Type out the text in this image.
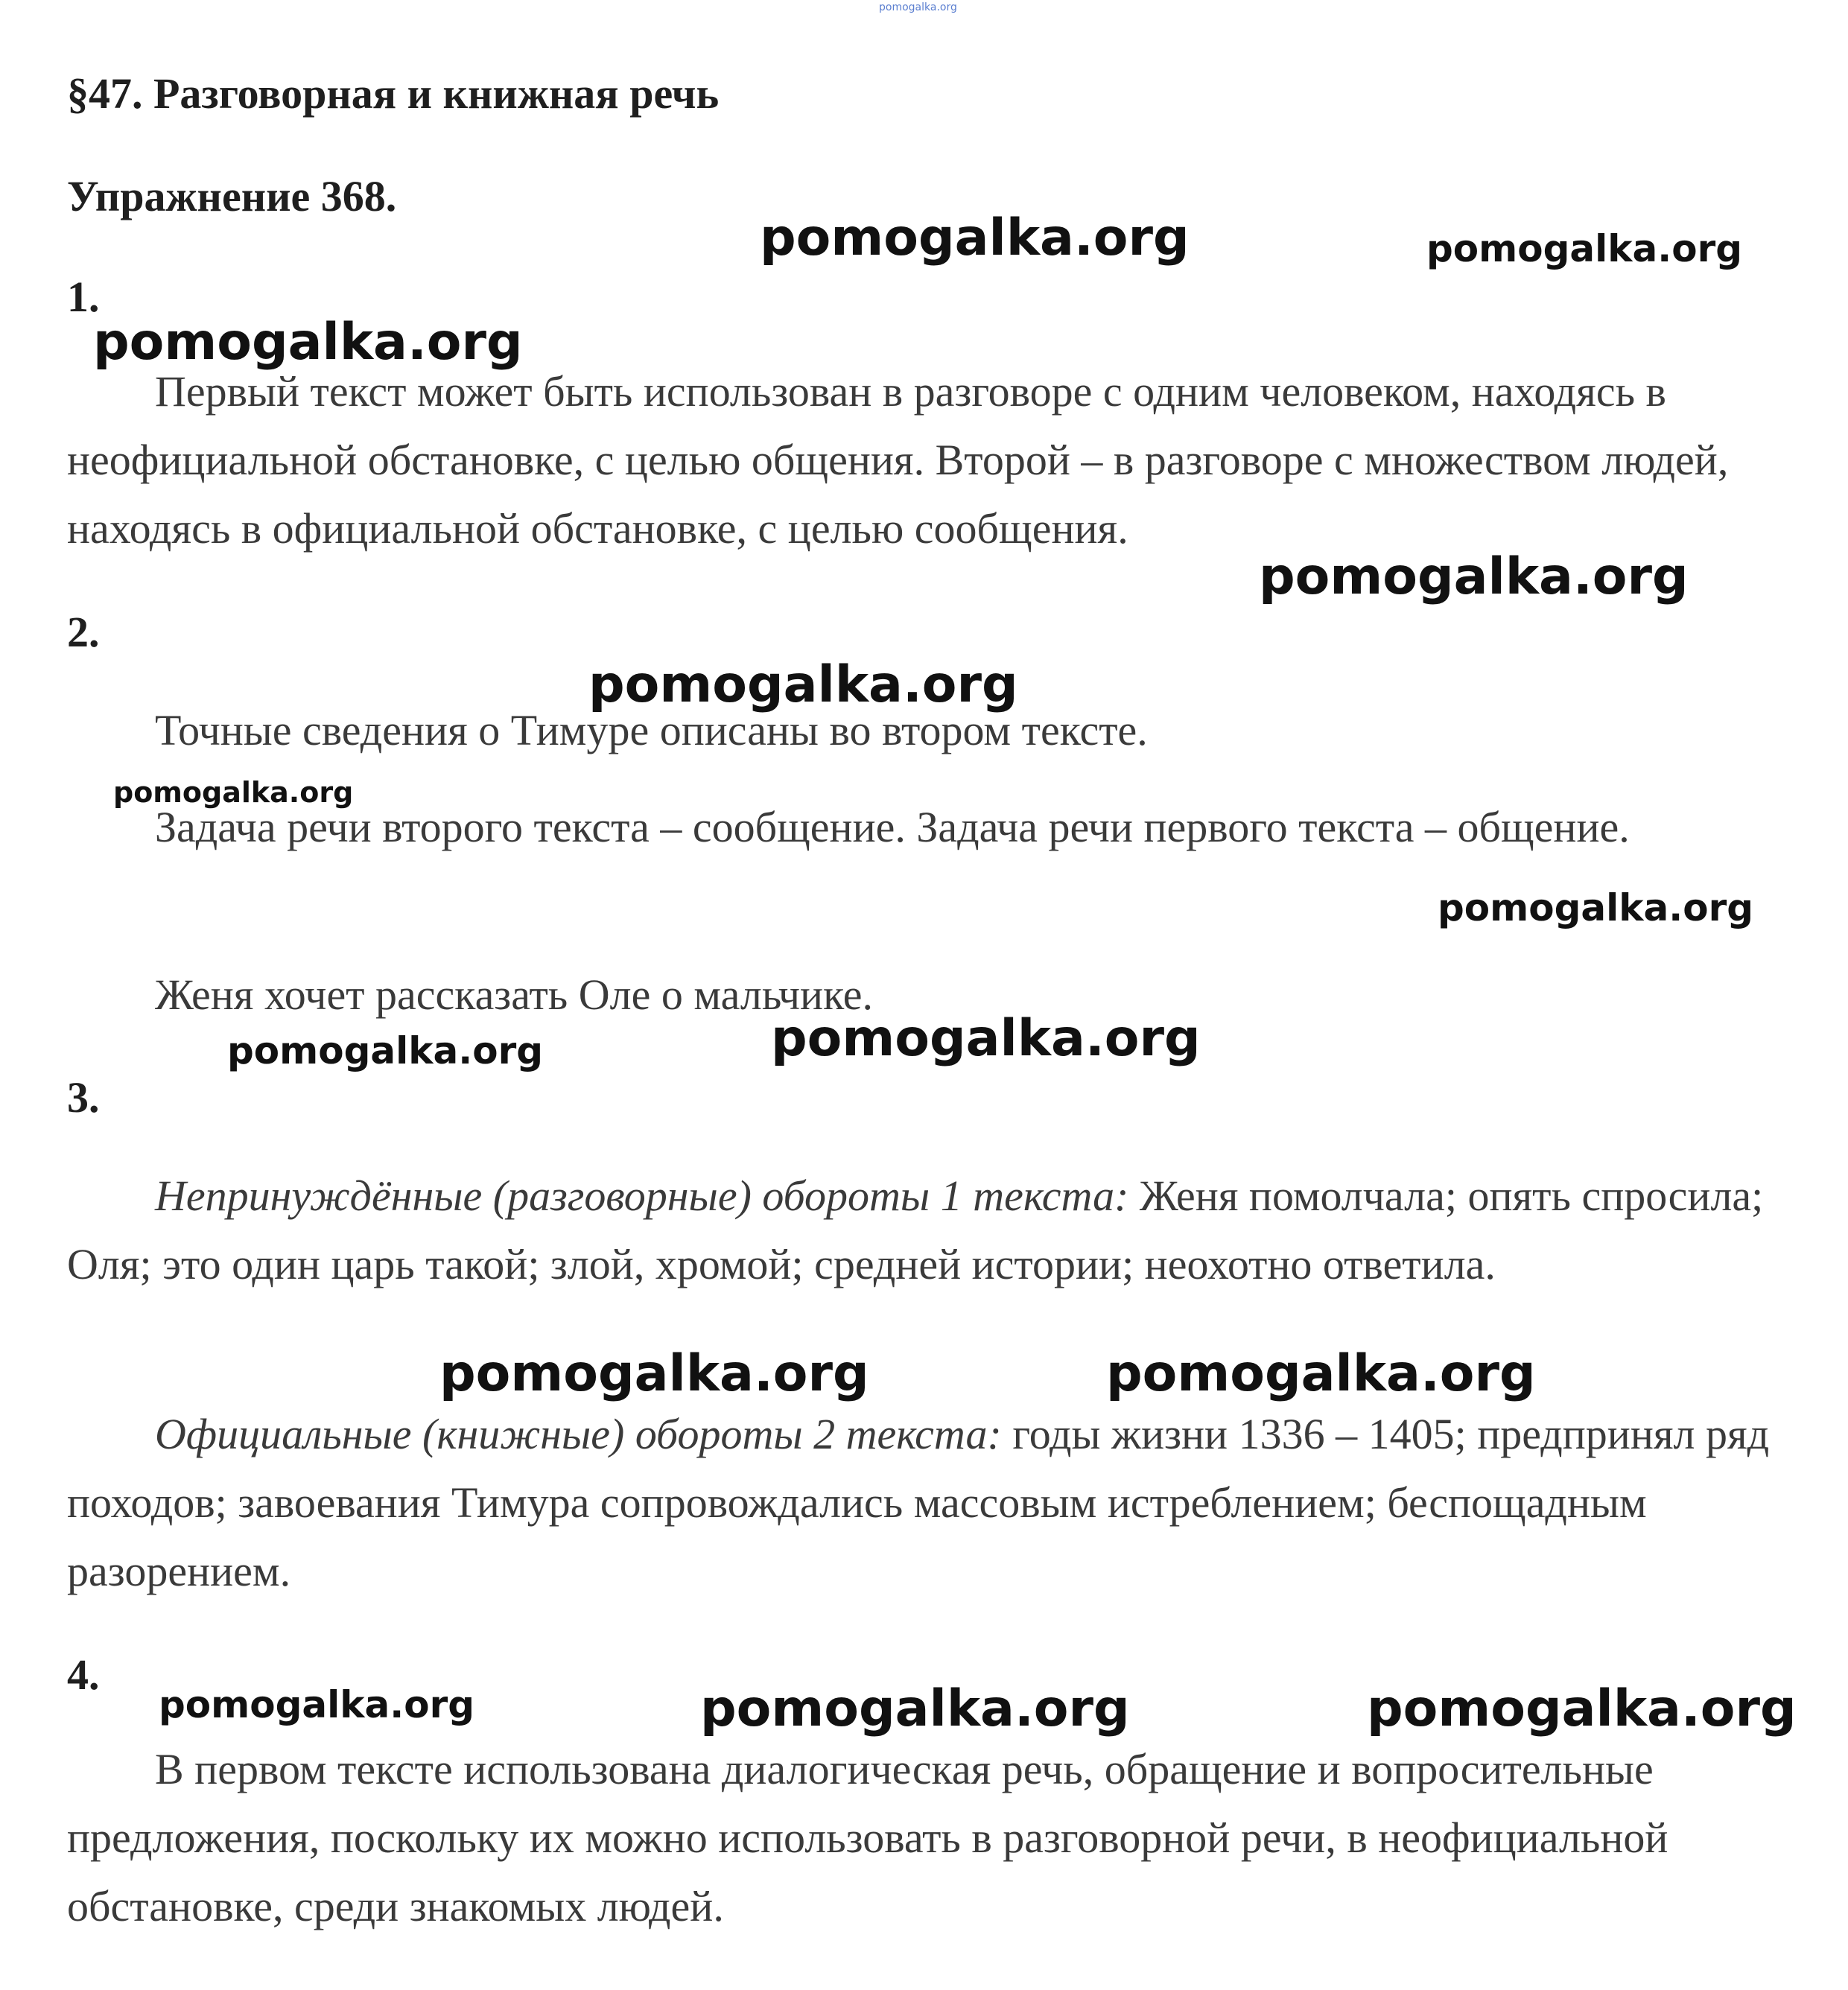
pomogalka.org
§47. Разговорная и книжная речь
Упражнение 368.
1.
Первый текст может быть использован в разговоре с одним человеком, находясь в неофициальной обстановке, с целью общения. Второй – в разговоре с множеством людей, находясь в официальной обстановке, с целью сообщения.
2.
Точные сведения о Тимуре описаны во втором тексте.
Задача речи второго текста – сообщение. Задача речи первого текста – общение.
Женя хочет рассказать Оле о мальчике.
3.
Непринуждённые (разговорные) обороты 1 текста: Женя помолчала; опять спросила; Оля; это один царь такой; злой, хромой; средней истории; неохотно ответила.
Официальные (книжные) обороты 2 текста: годы жизни 1336 – 1405; предпринял ряд походов; завоевания Тимура сопровождались массовым истреблением; беспощадным разорением.
4.
В первом тексте использована диалогическая речь, обращение и вопросительные предложения, поскольку их можно использовать в разговорной речи, в неофициальной обстановке, среди знакомых людей.
pomogalka.org	pomogalka.org
pomogalka.org
pomogalka.org
pomogalka.org
pomogalka.org
pomogalka.org
pomogalka.org	pomogalka.org
pomogalka.org	pomogalka.org
pomogalka.org	pomogalka.org	pomogalka.org
